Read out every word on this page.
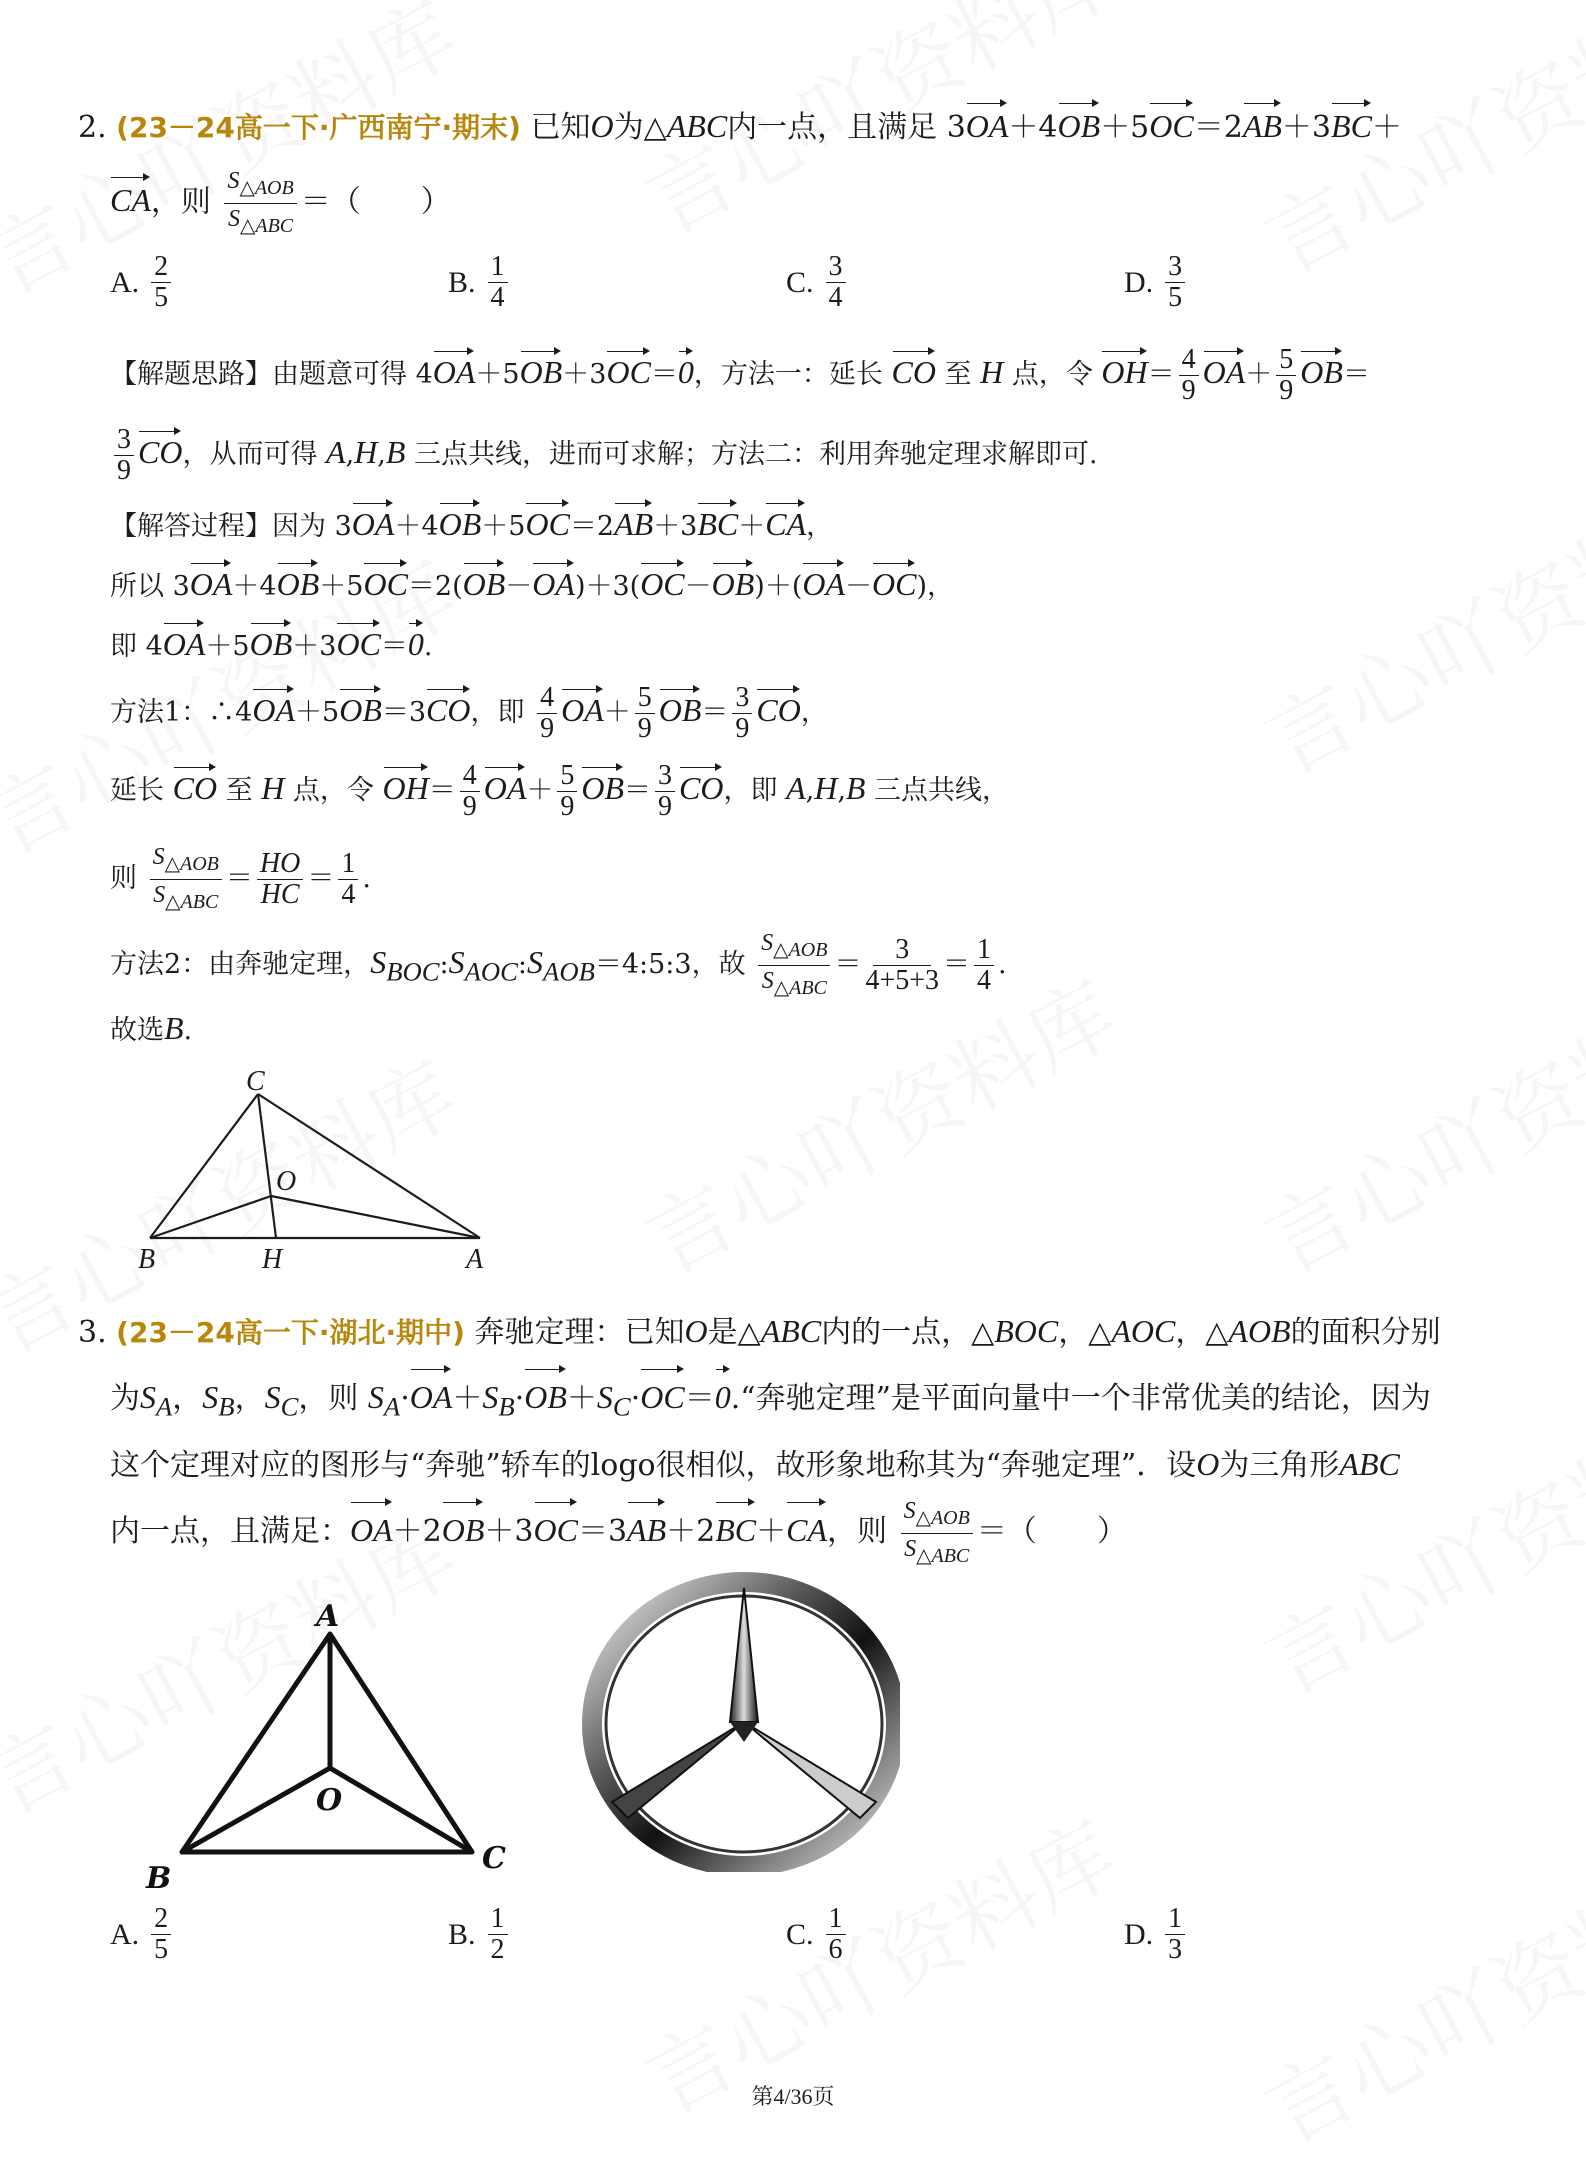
2. (23－24高一下·广西南宁·期末) 已知O为△ABC内一点，且满足 3OA＋4OB＋5OC＝2AB＋3BC＋
CA，则 $\frac{S_{\triangle AOB}}{S_{\triangle ABC}}$ ＝（　　）
A. $\frac{2}{5}$	B. $\frac{1}{4}$	C. $\frac{3}{4}$	D. $\frac{3}{5}$
【解题思路】由题意可得 4OA＋5OB＋3OC＝0，方法一：延长 CO 至 H 点，令 $OH= \frac{4}{9} OA+ \frac{5}{9} OB=$
$\frac{3}{9}$ CO，从而可得 A,H,B 三点共线，进而可求解；方法二：利用奔驰定理求解即可.
【解答过程】因为 3OA＋4OB＋5OC＝2AB＋3BC＋CA，
所以 3OA＋4OB＋5OC＝2(OB－OA)＋3(OC－OB)＋(OA－OC)，
即 4OA＋5OB＋3OC＝0.
方法1：∴4OA＋5OB＝3CO，即 $\frac{4}{9} OA+ \frac{5}{9} OB= \frac{3}{9}$ CO，
延长 CO 至 H 点，令 $OH= \frac{4}{9} OA+ \frac{5}{9} OB= \frac{3}{9}$ CO，即 A,H,B 三点共线，
则 $\frac{S_{\triangle AOB}}{S_{\triangle ABC}} = \frac{HO}{HC} = \frac{1}{4}$ .
方法2：由奔驰定理，$S_{BOC}:S_{AOC}:S_{AOB}=4:5:3$，故 $\frac{S_{\triangle AOB}}{S_{\triangle ABC}} = \frac{3}{4+5+3} = \frac{1}{4}$ .
故选B.
C
O
B	H	A
3. (23－24高一下·湖北·期中) 奔驰定理：已知O是△ABC内的一点，△BOC，△AOC，△AOB的面积分别
为$S_A$，$S_B$，$S_C$，则 $S_A\cdot OA+S_B\cdot OB+S_C\cdot OC=0.“$奔驰定理”是平面向量中一个非常优美的结论，因为
这个定理对应的图形与“奔驰”轿车的logo很相似，故形象地称其为“奔驰定理”．设O为三角形ABC
内一点，且满足：OA＋2OB＋3OC＝3AB＋2BC＋CA，则 $\frac{S_{\triangle AOB}}{S_{\triangle ABC}}$ ＝（　　）
A
O
B
C
A. $\frac{2}{5}$	B. $\frac{1}{2}$	C. $\frac{1}{6}$	D. $\frac{1}{3}$
第4/36页
